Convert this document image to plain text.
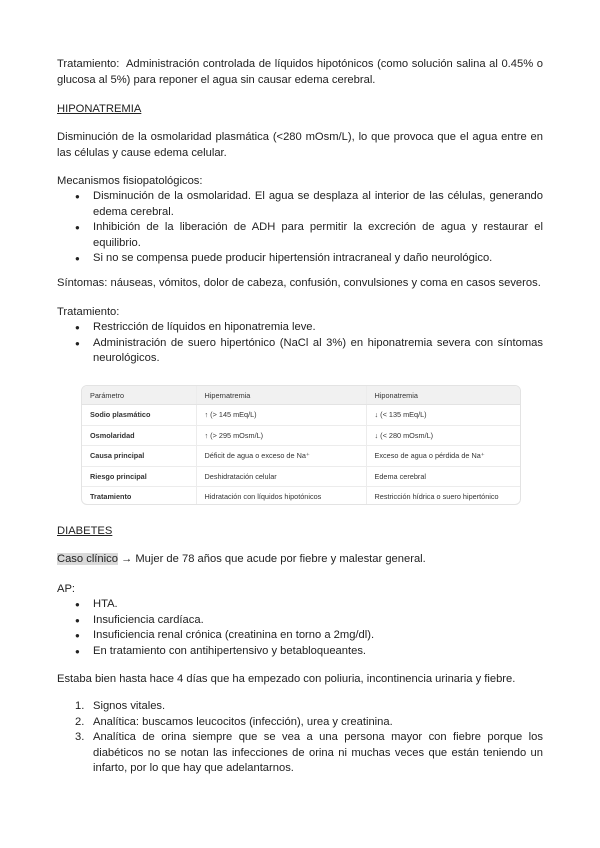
Tratamiento: Administración controlada de líquidos hipotónicos (como solución salina al 0.45% o glucosa al 5%) para reponer el agua sin causar edema cerebral.

HIPONATREMIA

Disminución de la osmolaridad plasmática (<280 mOsm/L), lo que provoca que el agua entre en las células y cause edema celular.

Mecanismos fisiopatológicos:

● Disminución de la osmolaridad. El agua se desplaza al interior de las células, generando edema cerebral.
● Inhibición de la liberación de ADH para permitir la excreción de agua y restaurar el equilibrio.
● Si no se compensa puede producir hipertensión intracraneal y daño neurológico.

Síntomas: náuseas, vómitos, dolor de cabeza, confusión, convulsiones y coma en casos severos.

Tratamiento:

● Restricción de líquidos en hiponatremia leve.
● Administración de suero hipertónico (NaCl al 3%) en hiponatremia severa con síntomas neurológicos.
Parámetro	Hipernatremia	Hiponatremia
Sodio plasmático	↑ (> 145 mEq/L)	↓ (< 135 mEq/L)
Osmolaridad	↑ (> 295 mOsm/L)	↓ (< 280 mOsm/L)
Causa principal	Déficit de agua o exceso de Na⁺	Exceso de agua o pérdida de Na⁺
Riesgo principal	Deshidratación celular	Edema cerebral
Tratamiento	Hidratación con líquidos hipotónicos	Restricción hídrica o suero hipertónico

DIABETES

Caso clínico → Mujer de 78 años que acude por fiebre y malestar general.

AP:

● HTA.
● Insuficiencia cardíaca.
● Insuficiencia renal crónica (creatinina en torno a 2mg/dl).
● En tratamiento con antihipertensivo y betabloqueantes.

Estaba bien hasta hace 4 días que ha empezado con poliuria, incontinencia urinaria y fiebre.

1. Signos vitales.
2. Analítica: buscamos leucocitos (infección), urea y creatinina.
3. Analítica de orina siempre que se vea a una persona mayor con fiebre porque los diabéticos no se notan las infecciones de orina ni muchas veces que están teniendo un infarto, por lo que hay que adelantarnos.
